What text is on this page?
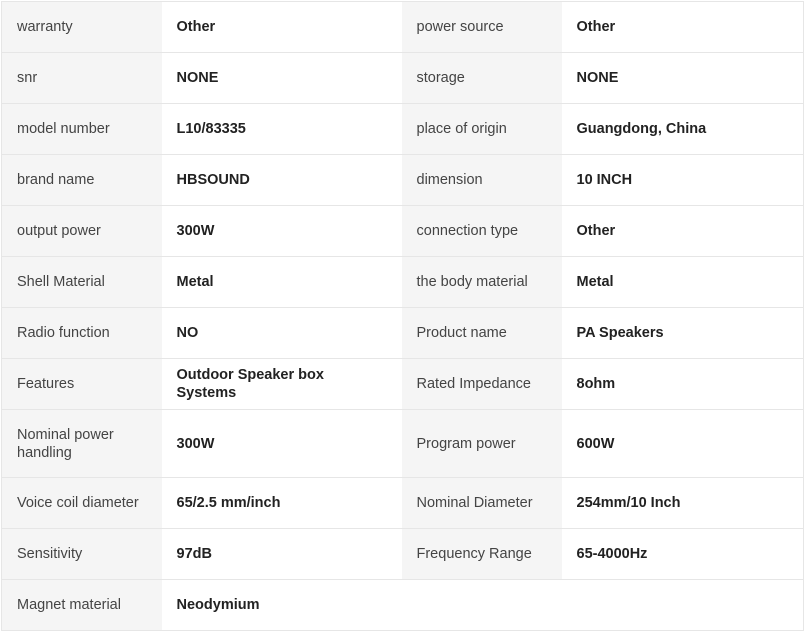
warranty	Other	power source	Other
snr	NONE	storage	NONE
model number	L10/83335	place of origin	Guangdong, China
brand name	HBSOUND	dimension	10 INCH
output power	300W	connection type	Other
Shell Material	Metal	the body material	Metal
Radio function	NO	Product name	PA Speakers
Features	Outdoor Speaker box Systems	Rated Impedance	8ohm
Nominal power handling	300W	Program power	600W
Voice coil diameter	65/2.5 mm/inch	Nominal Diameter	254mm/10 Inch
Sensitivity	97dB	Frequency Range	65-4000Hz
Magnet material	Neodymium		
